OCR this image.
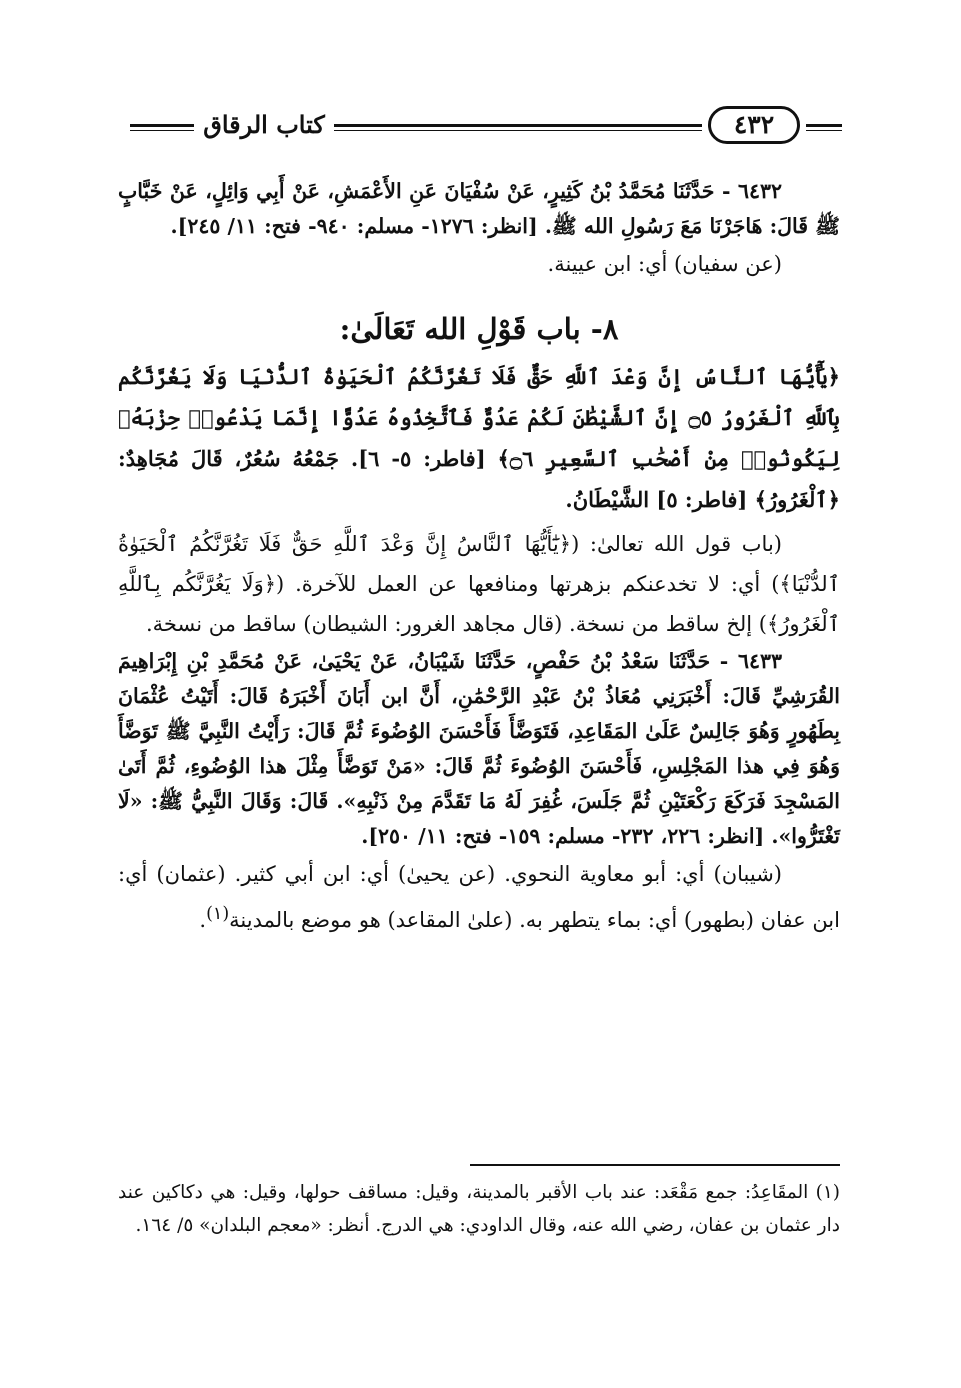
كتاب الرقاق	٤٣٢

٦٤٣٢ - حَدَّثَنَا مُحَمَّدُ بْنُ كَثِيرٍ، عَنْ سُفْيَانَ عَنِ الأَعْمَشِ، عَنْ أَبِي وَائِلٍ، عَنْ خَبَّابٍ ﷺ قَالَ: هَاجَرْنَا مَعَ رَسُولِ الله ﷺ. [انظر: ١٢٧٦- مسلم: ٩٤٠- فتح: ١١/ ٢٤٥].

(عن سفيان) أي: ابن عيينة.

٨- باب قَوْلِ الله تَعَالَىٰ:

﴿يَٰٓأَيُّهَا ٱلنَّاسُ إِنَّ وَعْدَ ٱللَّهِ حَقٌّ فَلَا تَغُرَّنَّكُمُ ٱلْحَيَوٰةُ ٱلدُّنْيَا وَلَا يَغُرَّنَّكُم بِٱللَّهِ ٱلْغَرُورُ ۝٥ إِنَّ ٱلشَّيْطَٰنَ لَكُمْ عَدُوٌّ فَٱتَّخِذُوهُ عَدُوًّا إِنَّمَا يَدْعُوا۟ حِزْبَهُۥ لِيَكُونُوا۟ مِنْ أَصْحَٰبِ ٱلسَّعِيرِ ۝٦﴾ [فاطر: ٥- ٦]. جَمْعُهُ سُعُرٌ، قَالَ مُجَاهِدٌ: ﴿ٱلْغَرُورُ﴾ [فاطر: ٥] الشَّيْطَانُ.

(باب قول الله تعالىٰ: (﴿يَٰٓأَيُّهَا ٱلنَّاسُ إِنَّ وَعْدَ ٱللَّهِ حَقٌّ فَلَا تَغُرَّنَّكُمُ ٱلْحَيَوٰةُ ٱلدُّنْيَا﴾) أي: لا تخدعنكم بزهرتها ومنافعها عن العمل للآخرة. (﴿وَلَا يَغُرَّنَّكُم بِٱللَّهِ ٱلْغَرُورُ﴾) إلخ ساقط من نسخة. (قال مجاهد الغرور: الشيطان) ساقط من نسخة.

٦٤٣٣ - حَدَّثَنَا سَعْدُ بْنُ حَفْصٍ، حَدَّثَنَا شَيْبَانُ، عَنْ يَحْيَىٰ، عَنْ مُحَمَّدِ بْنِ إِبْرَاهِيمَ القُرَشِيِّ قَالَ: أَخْبَرَنِي مُعَاذُ بْنُ عَبْدِ الرَّحْمَٰنِ، أَنَّ ابن أَبَانَ أَخْبَرَهُ قَالَ: أَتَيْتُ عُثْمَانَ بِطَهُورٍ وَهُوَ جَالِسٌ عَلَىٰ المَقَاعِدِ، فَتَوَضَّأَ فَأَحْسَنَ الوُضُوءَ ثُمَّ قَالَ: رَأَيْتُ النَّبِيَّ ﷺ تَوَضَّأَ وَهُوَ فِي هذا المَجْلِسِ، فَأَحْسَنَ الوُضُوءَ ثُمَّ قَالَ: «مَنْ تَوَضَّأَ مِثْلَ هذا الوُضُوءِ، ثُمَّ أَتَىٰ المَسْجِدَ فَرَكَعَ رَكْعَتَيْنِ ثُمَّ جَلَسَ، غُفِرَ لَهُ مَا تَقَدَّمَ مِنْ ذَنْبِهِ». قَالَ: وَقَالَ النَّبِيُّ ﷺ: «لَا تَغْتَرُّوا». [انظر: ٢٢٦، ٢٣٢- مسلم: ١٥٩- فتح: ١١/ ٢٥٠].

(شيبان) أي: أبو معاوية النحوي. (عن يحيىٰ) أي: ابن أبي كثير. (عثمان) أي: ابن عفان (بطهور) أي: بماء يتطهر به. (علىٰ المقاعد) هو موضع بالمدينة$^{(١)}$.

(١) المقَاعِدُ: جمع مَقْعَد: عند باب الأقبر بالمدينة، وقيل: مساقف حولها، وقيل: هي دكاكين عند دار عثمان بن عفان، رضي الله عنه، وقال الداودي: هي الدرج. أنظر: «معجم البلدان» ٥/ ١٦٤.
